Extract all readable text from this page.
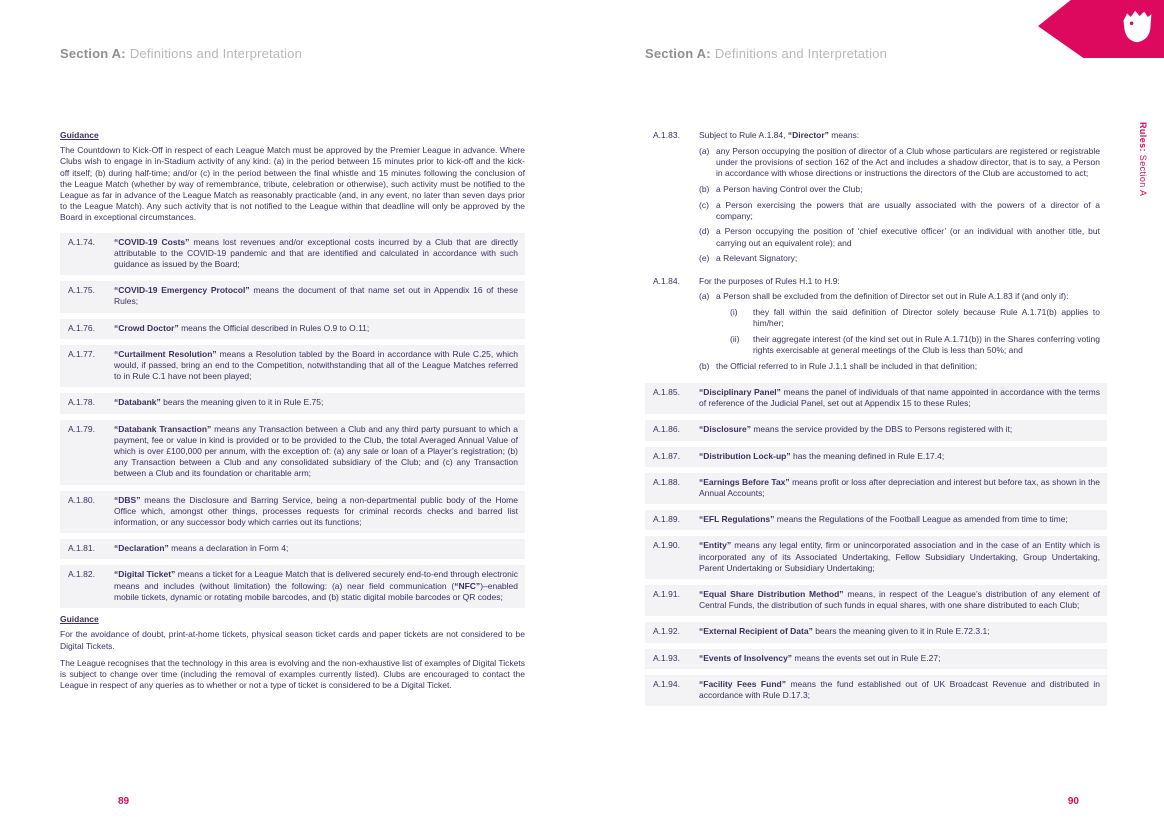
Rules: Section A
Section A: Definitions and Interpretation

Guidance

The Countdown to Kick-Off in respect of each League Match must be approved by the Premier League in advance. Where Clubs wish to engage in in-Stadium activity of any kind: (a) in the period between 15 minutes prior to kick-off and the kick-off itself; (b) during half-time; and/or (c) in the period between the final whistle and 15 minutes following the conclusion of the League Match (whether by way of remembrance, tribute, celebration or otherwise), such activity must be notified to the League as far in advance of the League Match as reasonably practicable (and, in any event, no later than seven days prior to the League Match). Any such activity that is not notified to the League within that deadline will only be approved by the Board in exceptional circumstances.

A.1.74.	“COVID-19 Costs” means lost revenues and/or exceptional costs incurred by a Club that are directly attributable to the COVID-19 pandemic and that are identified and calculated in accordance with such guidance as issued by the Board;

A.1.75.	“COVID-19 Emergency Protocol” means the document of that name set out in Appendix 16 of these Rules;

A.1.76.	“Crowd Doctor” means the Official described in Rules O.9 to O.11;

A.1.77.	“Curtailment Resolution” means a Resolution tabled by the Board in accordance with Rule C.25, which would, if passed, bring an end to the Competition, notwithstanding that all of the League Matches referred to in Rule C.1 have not been played;

A.1.78.	“Databank” bears the meaning given to it in Rule E.75;

A.1.79.	“Databank Transaction” means any Transaction between a Club and any third party pursuant to which a payment, fee or value in kind is provided or to be provided to the Club, the total Averaged Annual Value of which is over £100,000 per annum, with the exception of: (a) any sale or loan of a Player’s registration; (b) any Transaction between a Club and any consolidated subsidiary of the Club; and (c) any Transaction between a Club and its foundation or charitable arm;

A.1.80.	“DBS” means the Disclosure and Barring Service, being a non-departmental public body of the Home Office which, amongst other things, processes requests for criminal records checks and barred list information, or any successor body which carries out its functions;

A.1.81.	“Declaration” means a declaration in Form 4;

A.1.82.	“Digital Ticket” means a ticket for a League Match that is delivered securely end-to-end through electronic means and includes (without limitation) the following: (a) near field communication (“NFC”)–enabled mobile tickets, dynamic or rotating mobile barcodes, and (b) static digital mobile barcodes or QR codes;

Guidance

For the avoidance of doubt, print-at-home tickets, physical season ticket cards and paper tickets are not considered to be Digital Tickets.

The League recognises that the technology in this area is evolving and the non-exhaustive list of examples of Digital Tickets is subject to change over time (including the removal of examples currently listed). Clubs are encouraged to contact the League in respect of any queries as to whether or not a type of ticket is considered to be a Digital Ticket.

89
Section A: Definitions and Interpretation
A.1.83.	Subject to Rule A.1.84, “Director” means:

(a) any Person occupying the position of director of a Club whose particulars are registered or registrable under the provisions of section 162 of the Act and includes a shadow director, that is to say, a Person in accordance with whose directions or instructions the directors of the Club are accustomed to act;

(b) a Person having Control over the Club;

(c) a Person exercising the powers that are usually associated with the powers of a director of a company;

(d) a Person occupying the position of ‘chief executive officer’ (or an individual with another title, but carrying out an equivalent role); and

(e) a Relevant Signatory;

A.1.84.	For the purposes of Rules H.1 to H.9:

(a) a Person shall be excluded from the definition of Director set out in Rule A.1.83 if (and only if):

(i)	they fall within the said definition of Director solely because Rule A.1.71(b) applies to him/her;

(ii)	their aggregate interest (of the kind set out in Rule A.1.71(b)) in the Shares conferring voting rights exercisable at general meetings of the Club is less than 50%; and

(b) the Official referred to in Rule J.1.1 shall be included in that definition;

A.1.85.	“Disciplinary Panel” means the panel of individuals of that name appointed in accordance with the terms of reference of the Judicial Panel, set out at Appendix 15 to these Rules;

A.1.86.	“Disclosure” means the service provided by the DBS to Persons registered with it;

A.1.87.	“Distribution Lock-up” has the meaning defined in Rule E.17.4;

A.1.88.	“Earnings Before Tax” means profit or loss after depreciation and interest but before tax, as shown in the Annual Accounts;

A.1.89.	“EFL Regulations” means the Regulations of the Football League as amended from time to time;

A.1.90.	“Entity” means any legal entity, firm or unincorporated association and in the case of an Entity which is incorporated any of its Associated Undertaking, Fellow Subsidiary Undertaking, Group Undertaking, Parent Undertaking or Subsidiary Undertaking;

A.1.91.	“Equal Share Distribution Method” means, in respect of the League’s distribution of any element of Central Funds, the distribution of such funds in equal shares, with one share distributed to each Club;

A.1.92.	“External Recipient of Data” bears the meaning given to it in Rule E.72.3.1;

A.1.93.	“Events of Insolvency” means the events set out in Rule E.27;

A.1.94.	“Facility Fees Fund” means the fund established out of UK Broadcast Revenue and distributed in accordance with Rule D.17.3;

90
